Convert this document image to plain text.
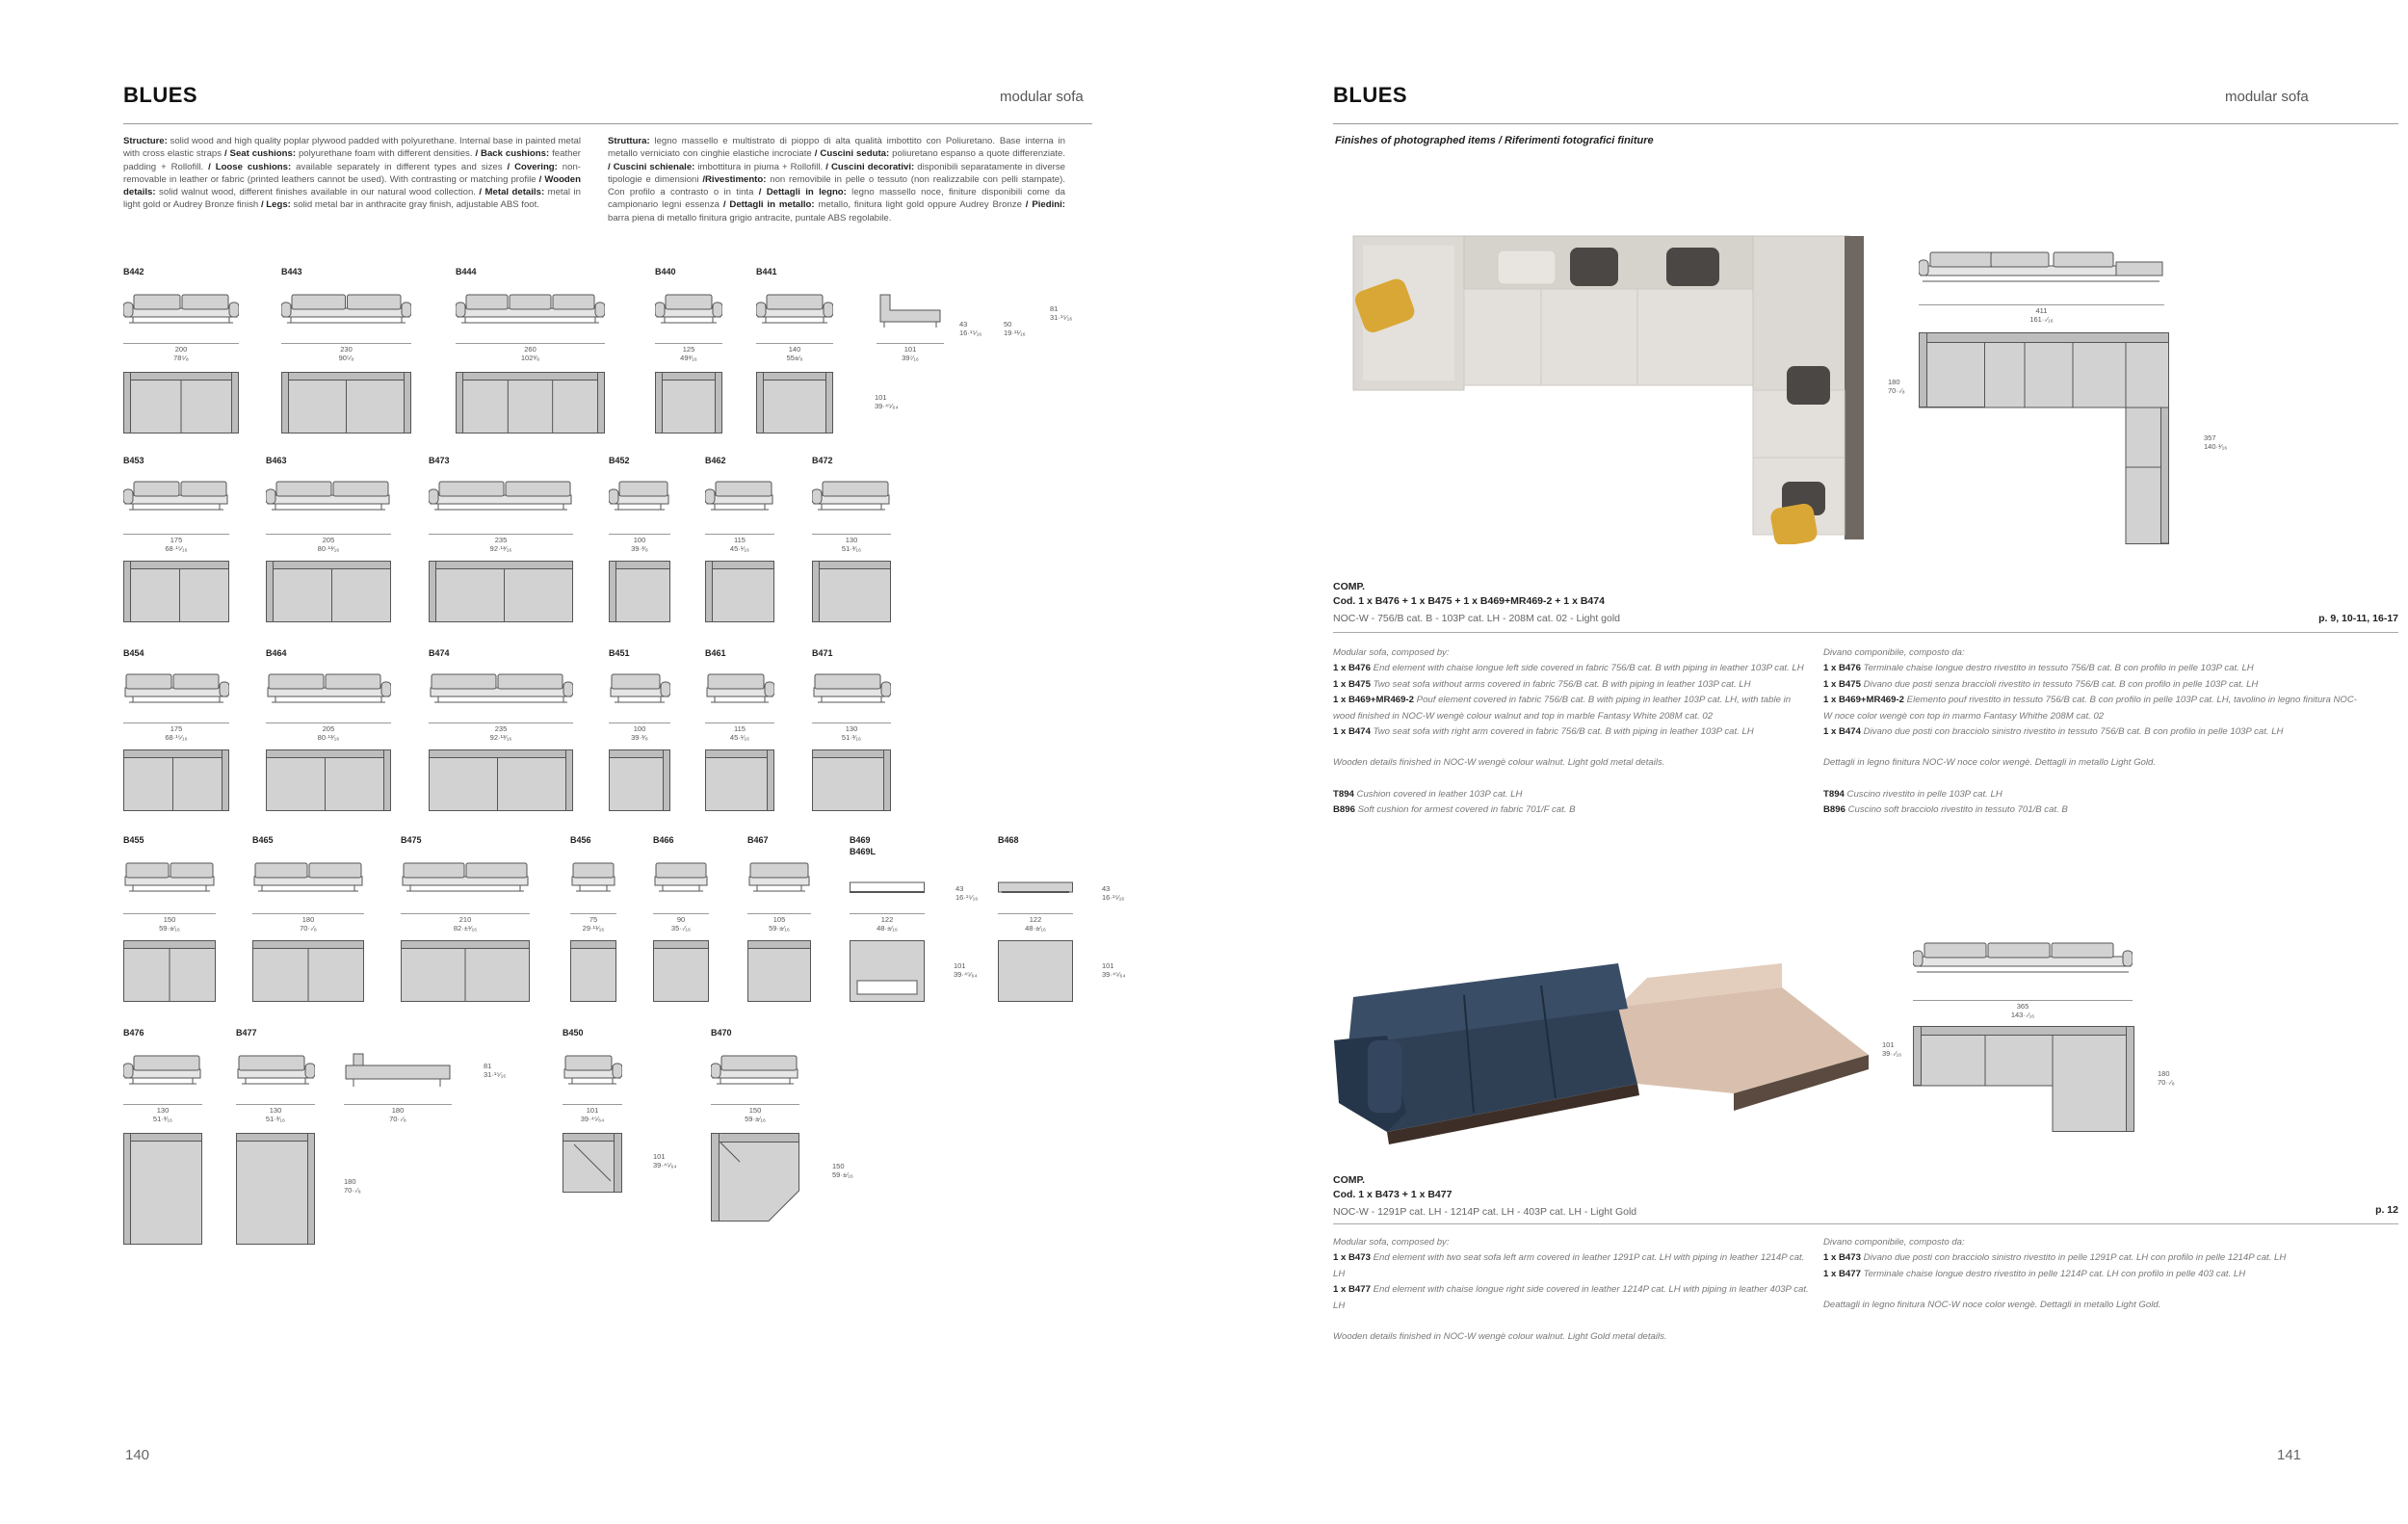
BLUES	modular sofa
Structure: solid wood and high quality poplar plywood padded with polyurethane. Internal base in painted metal with cross elastic straps / Seat cushions: polyurethane foam with different densities. / Back cushions: feather padding + Rollofill. / Loose cushions: available separately in different types and sizes / Covering: non-removable in leather or fabric (printed leathers cannot be used). With contrasting or matching profile / Wooden details: solid walnut wood, different finishes available in our natural wood collection. / Metal details: metal in light gold or Audrey Bronze finish / Legs: solid metal bar in anthracite gray finish, adjustable ABS foot.
Struttura: legno massello e multistrato di pioppo di alta qualità imbottito con Poliuretano. Base interna in metallo verniciato con cinghie elastiche incrociate / Cuscini seduta: poliuretano espanso a quote differenziate. / Cuscini schienale: imbottitura in piuma + Rollofill. / Cuscini decorativi: disponibili separatamente in diverse tipologie e dimensioni /Rivestimento: non removibile in pelle o tessuto (non realizzabile con pelli stampate). Con profilo a contrasto o in tinta / Dettagli in legno: legno massello noce, finiture disponibili come da campionario legni essenza / Dettagli in metallo: metallo, finitura light gold oppure Audrey Bronze / Piedini: barra piena di metallo finitura grigio antracite, puntale ABS regolabile.
B442
200
78⁵⁄₈
B443
230
90⁵⁄₈
B444
260
102³⁄₈
B440
125
49³⁄₁₆
B441
140
55±⁄₈
43
16·¹⁵⁄₁₆
50
19·¹¹⁄₁₆
81
31·¹⁵⁄₁₆
101
39⁷⁄₁₆
101
39·⁴⁵⁄₆₄
B453
175
68·¹⁵⁄₁₆
B463
205
80·¹³⁄₁₆
B473
235
92·¹³⁄₁₆
B452
100
39·³⁄₈
B462
115
45·¹⁄₁₆
B472
130
51·³⁄₁₆
B454
175
68·¹⁵⁄₁₆
B464
205
80·¹³⁄₁₆
B474
235
92·¹³⁄₁₆
B451
100
39·³⁄₈
B461
115
45·¹⁄₁₆
B471
130
51·³⁄₁₆
B455
150
59·±⁄₁₆
B465
180
70··⁄₈
B475
210
82·±¹⁄₁₆
B456
75
29·¹¹⁄₁₆
B466
90
35··⁄₁₆
B467
105
59·±⁄₁₆
B469
B469L
43
16·¹⁵⁄₁₆
122
48·±⁄₁₆
101
39·⁴⁵⁄₆₄
B468
43
16·¹⁵⁄₁₆
122
48·±⁄₁₆
101
39·⁴⁵⁄₆₄
B476
130
51·³⁄₁₆
B477
130
51·³⁄₁₆
81
31·¹⁵⁄₁₆
180
70··⁄₈
180
70··⁄₈
B450
101
39·⁴⁵⁄₆₄
101
39·⁴⁵⁄₆₄
B470
150
59·±⁄₁₆
150
59·±⁄₁₆
140
BLUES	modular sofa
Finishes of photographed items / Riferimenti fotografici finiture
411
161··⁄₁₆
180
70··⁄₈
357
140·¹⁄₁₆
COMP.
Cod. 1 x B476 + 1 x B475 + 1 x B469+MR469-2 + 1 x B474
NOC-W - 756/B cat. B - 103P cat. LH - 208M cat. 02 - Light gold	p. 9, 10-11, 16-17
Modular sofa, composed by:
1 x B476 End element with chaise longue left side covered in fabric 756/B cat. B with piping in leather 103P cat. LH
1 x B475 Two seat sofa without arms covered in fabric 756/B cat. B with piping in leather 103P cat. LH
1 x B469+MR469-2 Pouf element covered in fabric 756/B cat. B with piping in leather 103P cat. LH, with table in wood finished in NOC-W wengè colour walnut and top in marble Fantasy White 208M cat. 02
1 x B474 Two seat sofa with right arm covered in fabric 756/B cat. B with piping in leather 103P cat. LH
Wooden details finished in NOC-W wengè colour walnut. Light gold metal details.
T894 Cushion covered in leather 103P cat. LH
B896 Soft cushion for armest covered in fabric 701/F cat. B
Divano componibile, composto da:
1 x B476 Terminale chaise longue destro rivestito in tessuto 756/B cat. B con profilo in pelle 103P cat. LH
1 x B475 Divano due posti senza braccioli rivestito in tessuto 756/B cat. B con profilo in pelle 103P cat. LH
1 x B469+MR469-2 Elemento pouf rivestito in tessuto 756/B cat. B con profilo in pelle 103P cat. LH, tavolino in legno finitura NOC-W noce color wengè con top in marmo Fantasy Whithe 208M cat. 02
1 x B474 Divano due posti con bracciolo sinistro rivestito in tessuto 756/B cat. B con profilo in pelle 103P cat. LH
Dettagli in legno finitura NOC-W noce color wengè. Dettagli in metallo Light Gold.
T894 Cuscino rivestito in pelle 103P cat. LH
B896 Cuscino soft bracciolo rivestito in tessuto 701/B cat. B
365
143··⁄₁₆
101
39··⁄₁₆
180
70··⁄₈
COMP.
Cod. 1 x B473 + 1 x B477
NOC-W - 1291P cat. LH - 1214P cat. LH - 403P cat. LH - Light Gold	p. 12
Modular sofa, composed by:
1 x B473 End element with two seat sofa left arm covered in leather 1291P cat. LH with piping in leather 1214P cat. LH
1 x B477 End element with chaise longue right side covered in leather 1214P cat. LH with piping in leather 403P cat. LH
Wooden details finished in NOC-W wengè colour walnut. Light Gold metal details.
Divano componibile, composto da:
1 x B473 Divano due posti con bracciolo sinistro rivestito in pelle 1291P cat. LH con profilo in pelle 1214P cat. LH
1 x B477 Terminale chaise longue destro rivestito in pelle 1214P cat. LH con profilo in pelle 403 cat. LH
Deattagli in legno finitura NOC-W noce color wengè. Dettagli in metallo Light Gold.
141
